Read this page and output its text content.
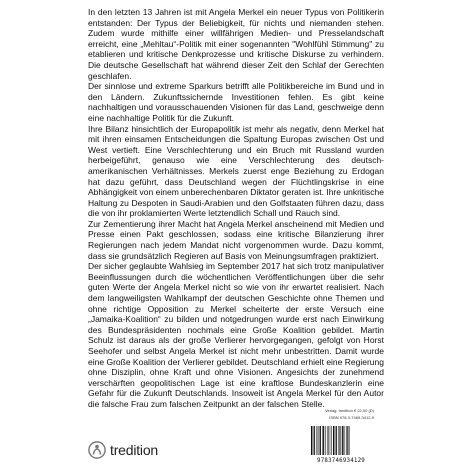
In den letzten 13 Jahren ist mit Angela Merkel ein neuer Typus von Politikerin entstanden: Der Typus der Beliebigkeit, für nichts und niemanden stehen. Zudem wurde mithilfe einer willfährigen Medien- und Presselandschaft erreicht, eine „Mehltau“-Politik mit einer sogenannten "Wohlfühl Stimmung" zu etablieren und kritische Denkprozesse und kritische Diskurse zu verhindern. Die deutsche Gesellschaft hat während dieser Zeit den Schlaf der Gerechten geschlafen.

Der sinnlose und extreme Sparkurs betrifft alle Politikbereiche im Bund und in den Ländern. Zukunftssichernde Investitionen fehlen. Es gibt keine nachhaltigen und vorausschauenden Visionen für das Land, geschweige denn eine nachhaltige Politik für die Zukunft.

Ihre Bilanz hinsichtlich der Europapolitik ist mehr als negativ, denn Merkel hat mit ihren einsamen Entscheidungen die Spaltung Europas zwischen Ost und West vertieft. Eine Verschlechterung und ein Bruch mit Russland wurden herbeigeführt, genauso wie eine Verschlechterung des deutsch-amerikanischen Verhältnisses. Merkels zuerst enge Beziehung zu Erdogan hat dazu geführt, dass Deutschland wegen der Flüchtlingskrise in eine Abhängigkeit von einem unberechenbaren Diktator geraten ist. Ihre unkritische Haltung zu Despoten in Saudi-Arabien und den Golfstaaten führen dazu, dass die von ihr proklamierten Werte letztendlich Schall und Rauch sind.

Zur Zementierung ihrer Macht hat Angela Merkel anscheinend mit Medien und Presse einen Pakt geschlossen, sodass eine kritische Bilanzierung ihrer Regierungen nach jedem Mandat nicht vorgenommen wurde. Dazu kommt, dass sie grundsätzlich Regieren auf Basis von Meinungsumfragen praktiziert.

Der sicher geglaubte Wahlsieg im September 2017 hat sich trotz manipulativer Beeinflussungen durch die wöchentlichen Veröffentlichungen über die sehr guten Werte der Angela Merkel nicht so wie von ihr erwartet realisiert. Nach dem langweiligsten Wahlkampf der deutschen Geschichte ohne Themen und ohne richtige Opposition zu Merkel scheiterte der erste Versuch eine „Jamaika-Koalition“ zu bilden und notgedrungen wurde erst nach Einwirkung des Bundespräsidenten nochmals eine Große Koalition gebildet. Martin Schulz ist daraus als der große Verlierer hervorgegangen, gefolgt von Horst Seehofer und selbst Angela Merkel ist nicht mehr unbestritten. Damit wurde eine Große Koalition der Verlierer gebildet. Deutschland erhielt eine Regierung ohne Disziplin, ohne Kraft und ohne Visionen. Angesichts der zunehmend verschärften geopolitischen Lage ist eine kraftlose Bundeskanzlerin eine Gefahr für die Zukunft Deutschlands. Insoweit ist Angela Merkel für den Autor die falsche Frau zum falschen Zeitpunkt an der falschen Stelle.

Verlag: tredition € 22,00 (D)
ISBN 978-3-7469-3412-9
tredition
9783746934129
